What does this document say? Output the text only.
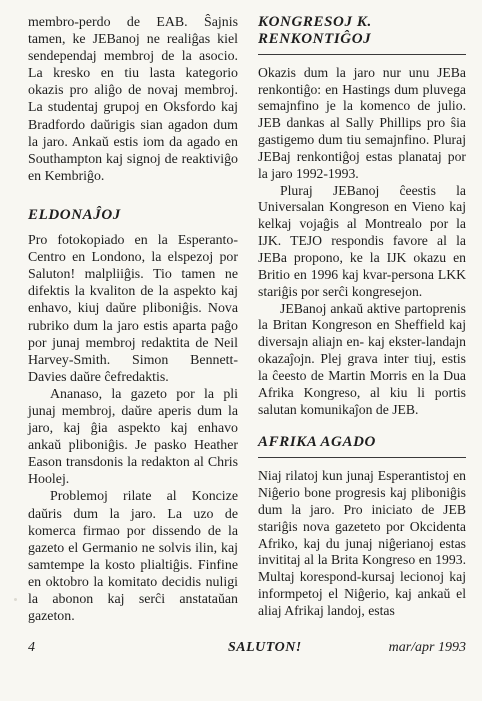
membro-perdo de EAB. Ŝajnis tamen, ke JEBanoj ne realiĝas kiel sendependaj membroj de la asocio. La kresko en tiu lasta kategorio okazis pro aliĝo de novaj membroj. La studentaj grupoj en Oksfordo kaj Bradfordo daŭrigis sian agadon dum la jaro. Ankaŭ estis iom da agado en Southampton kaj signoj de reaktiviĝo en Kembriĝo.

ELDONAĴOJ

Pro fotokopiado en la Esperanto-Centro en Londono, la elspezoj por Saluton! malpliiĝis. Tio tamen ne difektis la kvaliton de la aspekto kaj enhavo, kiuj daŭre pliboniĝis. Nova rubriko dum la jaro estis aparta paĝo por junaj membroj redaktita de Neil Harvey-Smith. Simon Bennett-Davies daŭre ĉefredaktis.

Ananaso, la gazeto por la pli junaj membroj, daŭre aperis dum la jaro, kaj ĝia aspekto kaj enhavo ankaŭ pliboniĝis. Je pasko Heather Eason transdonis la redakton al Chris Hoolej.

Problemoj rilate al Koncize daŭris dum la jaro. La uzo de komerca firmao por dissendo de la gazeto el Germanio ne solvis ilin, kaj samtempe la kosto plialtiĝis. Finfine en oktobro la komitato decidis nuligi la abonon kaj serĉi anstataŭan gazeton.

KONGRESOJ K. RENKONTIĜOJ

Okazis dum la jaro nur unu JEBa renkontiĝo: en Hastings dum pluvega semajnfino je la komenco de julio. JEB dankas al Sally Phillips pro ŝia gastigemo dum tiu semajnfino. Pluraj JEBaj renkontiĝoj estas planataj por la jaro 1992-1993.

Pluraj JEBanoj ĉeestis la Universalan Kongreson en Vieno kaj kelkaj vojaĝis al Montrealo por la IJK. TEJO respondis favore al la JEBa propono, ke la IJK okazu en Britio en 1996 kaj kvar-persona LKK stariĝis por serĉi kongresejon.

JEBanoj ankaŭ aktive partoprenis la Britan Kongreson en Sheffield kaj diversajn aliajn en- kaj ekster-landajn okazaĵojn. Plej grava inter tiuj, estis la ĉeesto de Martin Morris en la Dua Afrika Kongreso, al kiu li portis salutan komunikaĵon de JEB.

AFRIKA AGADO

Niaj rilatoj kun junaj Esperantistoj en Niĝerio bone progresis kaj pliboniĝis dum la jaro. Pro iniciato de JEB stariĝis nova gazeteto por Okcidenta Afriko, kaj du junaj niĝerianoj estas invititaj al la Brita Kongreso en 1993. Multaj korespond-kursaj lecionoj kaj informpetoj el Niĝerio, kaj ankaŭ el aliaj Afrikaj landoj, estas

4	SALUTON!	mar/apr 1993
